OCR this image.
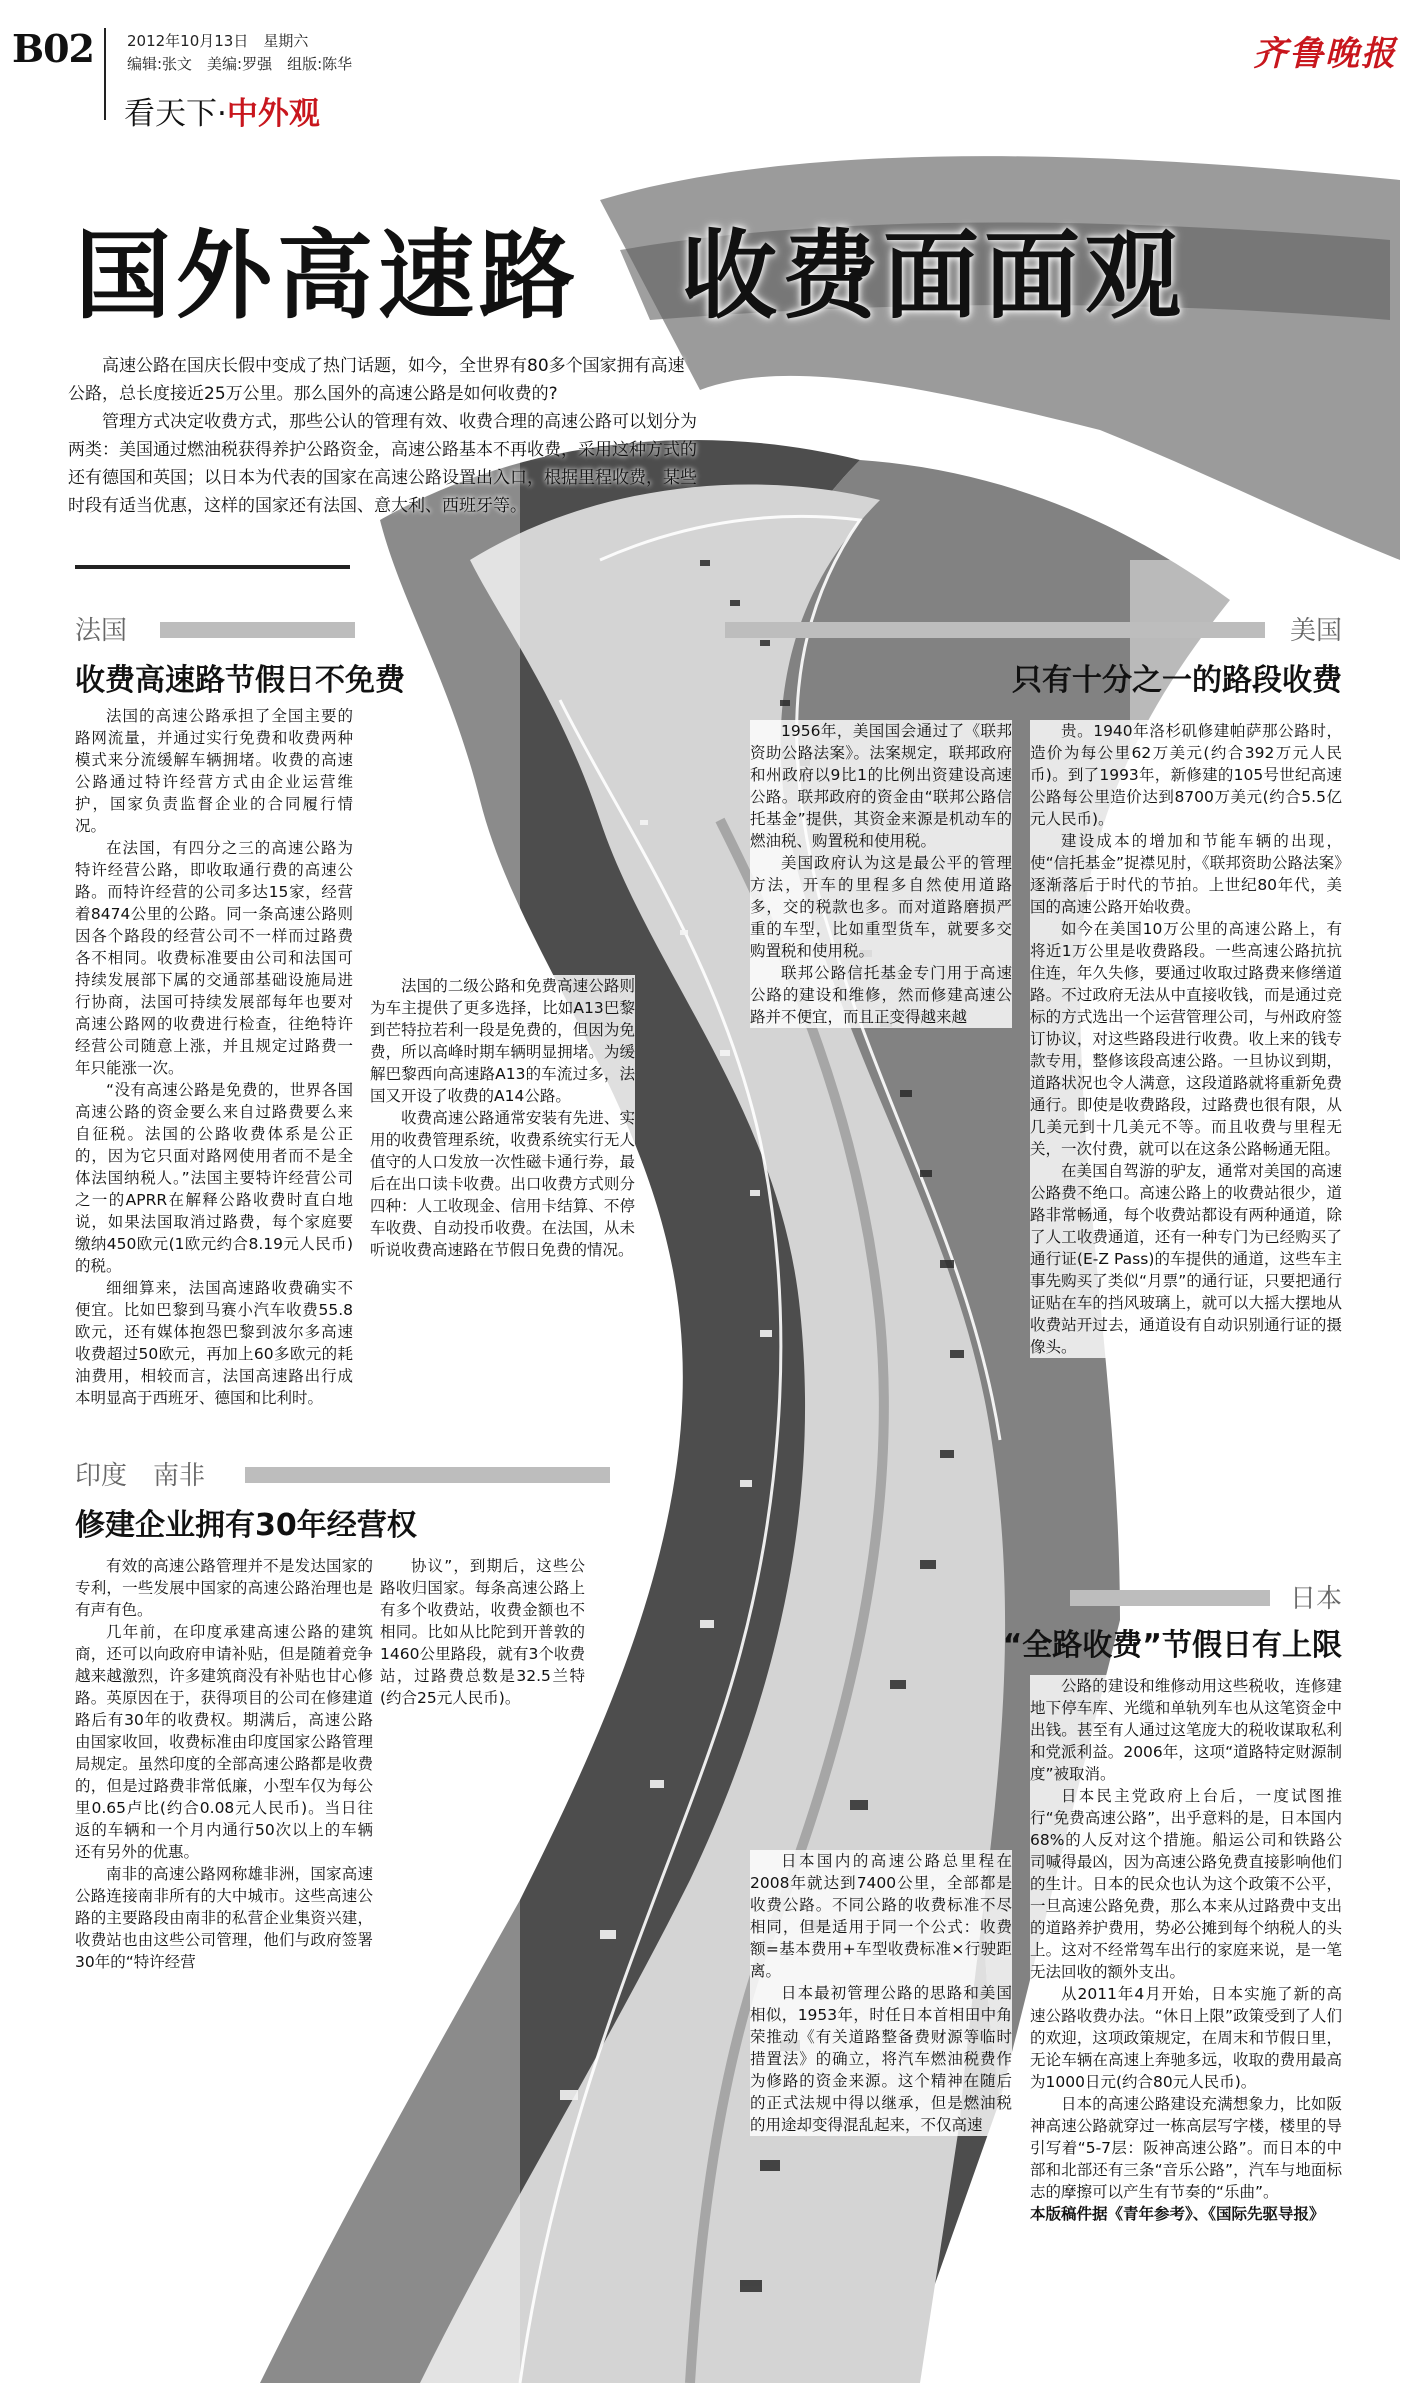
B02 2012年10月13日　星期六
编辑:张文　美编:罗强　组版:陈华
看天下·中外观
齐鲁晚报
国外高速路　收费面面观

高速公路在国庆长假中变成了热门话题，如今，全世界有80多个国家拥有高速公路，总长度接近25万公里。那么国外的高速公路是如何收费的?

管理方式决定收费方式，那些公认的管理有效、收费合理的高速公路可以划分为两类：美国通过燃油税获得养护公路资金，高速公路基本不再收费，采用这种方式的还有德国和英国；以日本为代表的国家在高速公路设置出入口，根据里程收费，某些时段有适当优惠，这样的国家还有法国、意大利、西班牙等。

法国
收费高速路节假日不免费

法国的高速公路承担了全国主要的路网流量，并通过实行免费和收费两种模式来分流缓解车辆拥堵。收费的高速公路通过特许经营方式由企业运营维护，国家负责监督企业的合同履行情况。

在法国，有四分之三的高速公路为特许经营公路，即收取通行费的高速公路。而特许经营的公司多达15家，经营着8474公里的公路。同一条高速公路则因各个路段的经营公司不一样而过路费各不相同。收费标准要由公司和法国可持续发展部下属的交通部基础设施局进行协商，法国可持续发展部每年也要对高速公路网的收费进行检查，往绝特许经营公司随意上涨，并且规定过路费一年只能涨一次。

“没有高速公路是免费的，世界各国高速公路的资金要么来自过路费要么来自征税。法国的公路收费体系是公正的，因为它只面对路网使用者而不是全体法国纳税人。”法国主要特许经营公司之一的APRR在解释公路收费时直白地说，如果法国取消过路费，每个家庭要缴纳450欧元(1欧元约合8.19元人民币)的税。

细细算来，法国高速路收费确实不便宜。比如巴黎到马赛小汽车收费55.8欧元，还有媒体抱怨巴黎到波尔多高速收费超过50欧元，再加上60多欧元的耗油费用，相较而言，法国高速路出行成本明显高于西班牙、德国和比利时。

法国的二级公路和免费高速公路则为车主提供了更多选择，比如A13巴黎到芒特拉若利一段是免费的，但因为免费，所以高峰时期车辆明显拥堵。为缓解巴黎西向高速路A13的车流过多，法国又开设了收费的A14公路。

收费高速公路通常安装有先进、实用的收费管理系统，收费系统实行无人值守的人口发放一次性磁卡通行券，最后在出口读卡收费。出口收费方式则分四种：人工收现金、信用卡结算、不停车收费、自动投币收费。在法国，从未听说收费高速路在节假日免费的情况。

美国
只有十分之一的路段收费

1956年，美国国会通过了《联邦资助公路法案》。法案规定，联邦政府和州政府以9比1的比例出资建设高速公路。联邦政府的资金由“联邦公路信托基金”提供，其资金来源是机动车的燃油税、购置税和使用税。

美国政府认为这是最公平的管理方法，开车的里程多自然使用道路多，交的税款也多。而对道路磨损严重的车型，比如重型货车，就要多交购置税和使用税。

联邦公路信托基金专门用于高速公路的建设和维修，然而修建高速公路并不便宜，而且正变得越来越

贵。1940年洛杉矶修建帕萨那公路时，造价为每公里62万美元(约合392万元人民币)。到了1993年，新修建的105号世纪高速公路每公里造价达到8700万美元(约合5.5亿元人民币)。

建设成本的增加和节能车辆的出现，使“信托基金”捉襟见肘，《联邦资助公路法案》逐渐落后于时代的节拍。上世纪80年代，美国的高速公路开始收费。

如今在美国10万公里的高速公路上，有将近1万公里是收费路段。一些高速公路抗抗住连，年久失修，要通过收取过路费来修缮道路。不过政府无法从中直接收钱，而是通过竞标的方式选出一个运营管理公司，与州政府签订协议，对这些路段进行收费。收上来的钱专款专用，整修该段高速公路。一旦协议到期，道路状况也令人满意，这段道路就将重新免费通行。即使是收费路段，过路费也很有限，从几美元到十几美元不等。而且收费与里程无关，一次付费，就可以在这条公路畅通无阻。

在美国自驾游的驴友，通常对美国的高速公路费不绝口。高速公路上的收费站很少，道路非常畅通，每个收费站都设有两种通道，除了人工收费通道，还有一种专门为已经购买了通行证(E-Z Pass)的车提供的通道，这些车主事先购买了类似“月票”的通行证，只要把通行证贴在车的挡风玻璃上，就可以大摇大摆地从收费站开过去，通道设有自动识别通行证的摄像头。

印度　南非
修建企业拥有30年经营权

有效的高速公路管理并不是发达国家的专利，一些发展中国家的高速公路治理也是有声有色。

几年前，在印度承建高速公路的建筑商，还可以向政府申请补贴，但是随着竞争越来越激烈，许多建筑商没有补贴也甘心修路。英原因在于，获得项目的公司在修建道路后有30年的收费权。期满后，高速公路由国家收回，收费标准由印度国家公路管理局规定。虽然印度的全部高速公路都是收费的，但是过路费非常低廉，小型车仅为每公里0.65卢比(约合0.08元人民币)。当日往返的车辆和一个月内通行50次以上的车辆还有另外的优惠。

南非的高速公路网称雄非洲，国家高速公路连接南非所有的大中城市。这些高速公路的主要路段由南非的私营企业集资兴建，收费站也由这些公司管理，他们与政府签署30年的“特许经营

协议”，到期后，这些公路收归国家。每条高速公路上有多个收费站，收费金额也不相同。比如从比陀到开普敦的1460公里路段，就有3个收费站，过路费总数是32.5兰特(约合25元人民币)。

日本
“全路收费”节假日有上限

日本国内的高速公路总里程在2008年就达到7400公里，全部都是收费公路。不同公路的收费标准不尽相同，但是适用于同一个公式：收费额=基本费用+车型收费标准×行驶距离。

日本最初管理公路的思路和美国相似，1953年，时任日本首相田中角荣推动《有关道路整备费财源等临时措置法》的确立，将汽车燃油税费作为修路的资金来源。这个精神在随后的正式法规中得以继承，但是燃油税的用途却变得混乱起来，不仅高速

公路的建设和维修动用这些税收，连修建地下停车库、光缆和单轨列车也从这笔资金中出钱。甚至有人通过这笔庞大的税收谋取私利和党派利益。2006年，这项“道路特定财源制度”被取消。

日本民主党政府上台后，一度试图推行“免费高速公路”，出乎意料的是，日本国内68%的人反对这个措施。船运公司和铁路公司喊得最凶，因为高速公路免费直接影响他们的生计。日本的民众也认为这个政策不公平，一旦高速公路免费，那么本来从过路费中支出的道路养护费用，势必公摊到每个纳税人的头上。这对不经常驾车出行的家庭来说，是一笔无法回收的额外支出。

从2011年4月开始，日本实施了新的高速公路收费办法。“休日上限”政策受到了人们的欢迎，这项政策规定，在周末和节假日里，无论车辆在高速上奔驰多远，收取的费用最高为1000日元(约合80元人民币)。

日本的高速公路建设充满想象力，比如阪神高速公路就穿过一栋高层写字楼，楼里的导引写着“5-7层：阪神高速公路”。而日本的中部和北部还有三条“音乐公路”，汽车与地面标志的摩擦可以产生有节奏的“乐曲”。

本版稿件据《青年参考》、《国际先驱导报》
